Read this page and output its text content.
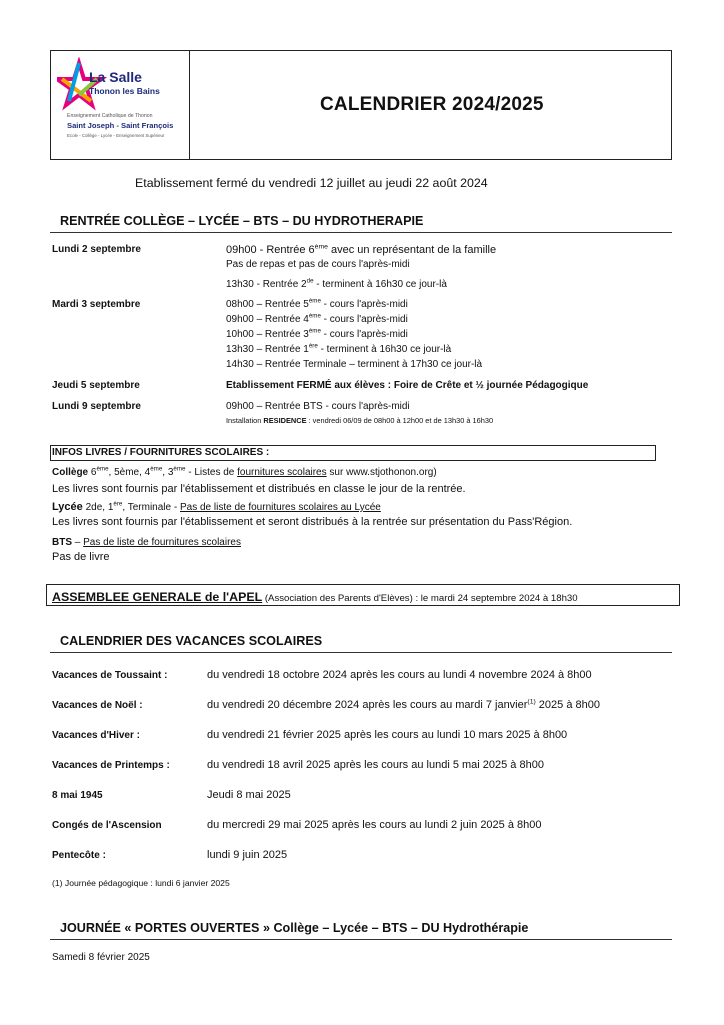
La Salle
Thonon les Bains
Enseignement Catholique de Thonon
Saint Joseph - Saint François
Ecole - Collège - Lycée - Enseignement Supérieur
CALENDRIER 2024/2025
Etablissement fermé du vendredi 12 juillet au jeudi 22 août 2024
RENTRÉE COLLÈGE – LYCÉE – BTS – DU HYDROTHERAPIE
Lundi 2 septembre	09h00 - Rentrée 6ème avec un représentant de la famille
Pas de repas et pas de cours l'après-midi
13h30 - Rentrée 2de - terminent à 16h30 ce jour-là
Mardi 3 septembre	08h00 – Rentrée 5ème - cours l'après-midi
09h00 – Rentrée 4ème - cours l'après-midi
10h00 – Rentrée 3ème - cours l'après-midi
13h30 – Rentrée 1ère - terminent à 16h30 ce jour-là
14h30 – Rentrée Terminale – terminent à 17h30 ce jour-là
Jeudi 5 septembre	Etablissement FERMÉ aux élèves : Foire de Crête et ½ journée Pédagogique
Lundi 9 septembre	09h00 – Rentrée BTS - cours l'après-midi
Installation RESIDENCE : vendredi 06/09 de 08h00 à 12h00 et de 13h30 à 16h30
INFOS LIVRES / FOURNITURES SCOLAIRES :
Collège 6ème, 5ème, 4ème, 3ème - Listes de fournitures scolaires sur www.stjothonon.org)
Les livres sont fournis par l'établissement et distribués en classe le jour de la rentrée.
Lycée 2de, 1ère, Terminale - Pas de liste de fournitures scolaires au Lycée
Les livres sont fournis par l'établissement et seront distribués à la rentrée sur présentation du Pass'Région.
BTS – Pas de liste de fournitures scolaires
Pas de livre
ASSEMBLEE GENERALE de l'APEL (Association des Parents d'Elèves) : le mardi 24 septembre 2024 à 18h30
CALENDRIER DES VACANCES SCOLAIRES
Vacances de Toussaint :	du vendredi 18 octobre 2024 après les cours au lundi 4 novembre 2024 à 8h00
Vacances de Noël :	du vendredi 20 décembre 2024 après les cours au mardi 7 janvier$^{(1)}$ 2025 à 8h00
Vacances d'Hiver :	du vendredi 21 février 2025 après les cours au lundi 10 mars 2025 à 8h00
Vacances de Printemps :	du vendredi 18 avril 2025 après les cours au lundi 5 mai 2025 à 8h00
8 mai 1945	Jeudi 8 mai 2025
Congés de l'Ascension	du mercredi 29 mai 2025 après les cours au lundi 2 juin 2025 à 8h00
Pentecôte :	lundi 9 juin 2025
(1) Journée pédagogique : lundi 6 janvier 2025
JOURNÉE « PORTES OUVERTES » Collège – Lycée – BTS – DU Hydrothérapie
Samedi 8 février 2025
